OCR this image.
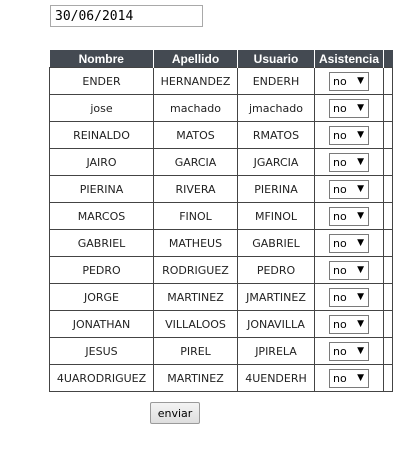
30/06/2014
Nombre	Apellido	Usuario	Asistencia	
ENDER	HERNANDEZ	ENDERH	no ▼	

jose	machado	jmachado	no ▼	

REINALDO	MATOS	RMATOS	no ▼	

JAIRO	GARCIA	JGARCIA	no ▼	

PIERINA	RIVERA	PIERINA	no ▼	

MARCOS	FINOL	MFINOL	no ▼	

GABRIEL	MATHEUS	GABRIEL	no ▼	

PEDRO	RODRIGUEZ	PEDRO	no ▼	

JORGE	MARTINEZ	JMARTINEZ	no ▼	

JONATHAN	VILLALOOS	JONAVILLA	no ▼	

JESUS	PIREL	JPIRELA	no ▼	

4UARODRIGUEZ	MARTINEZ	4UENDERH	no ▼	

enviar
